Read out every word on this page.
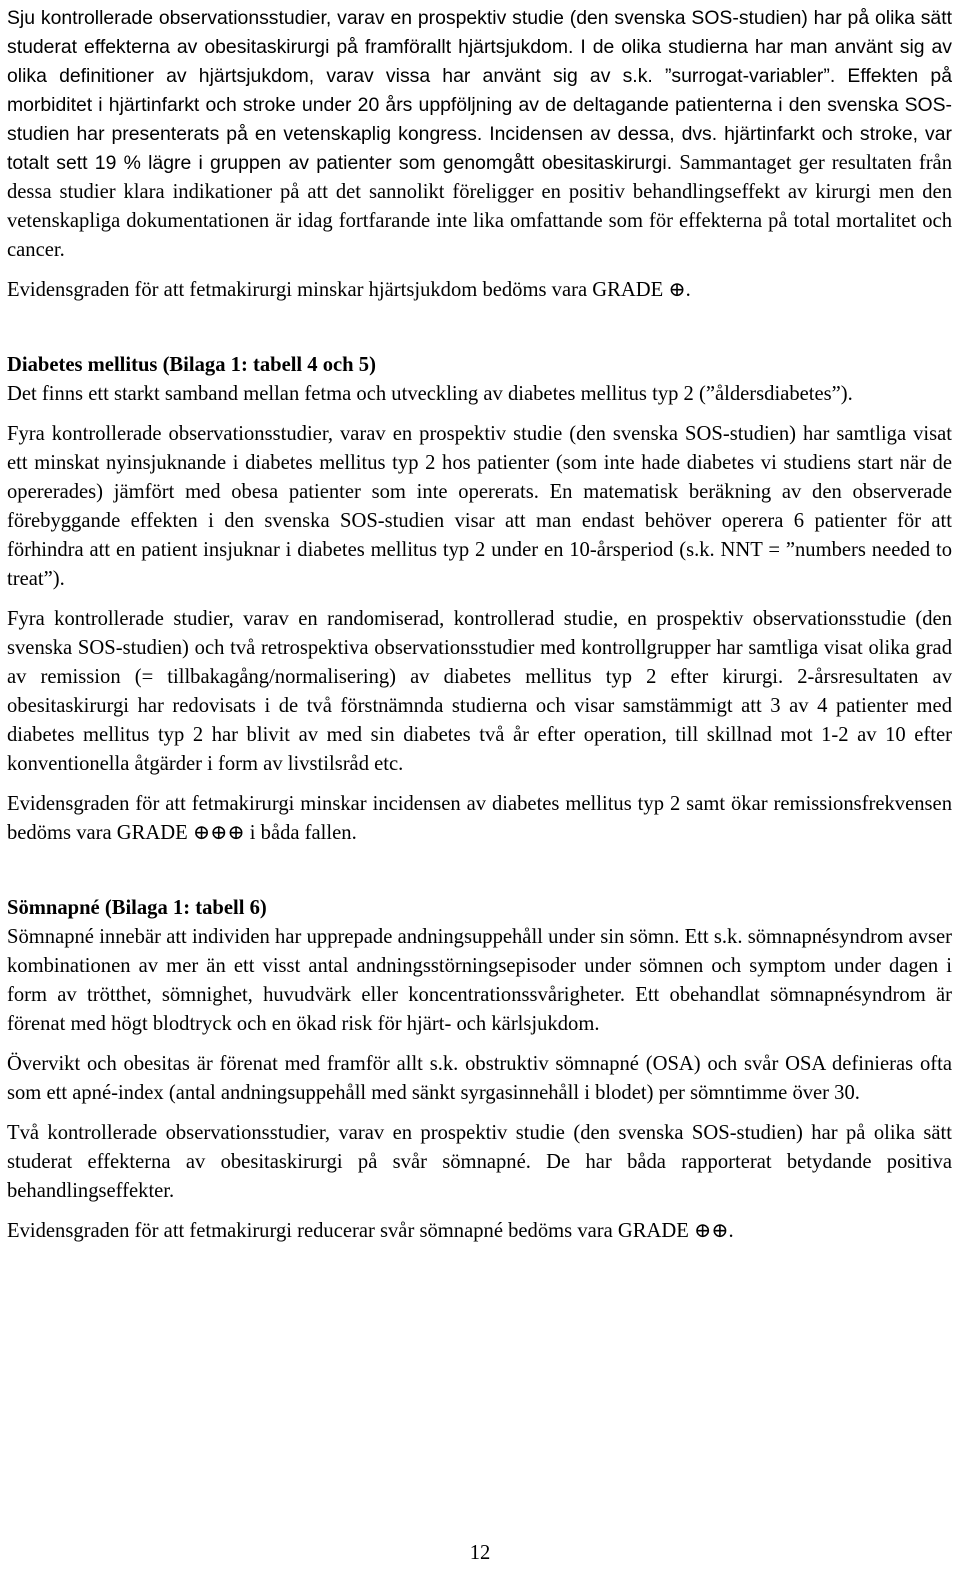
Sju kontrollerade observationsstudier, varav en prospektiv studie (den svenska SOS-studien) har på olika sätt studerat effekterna av obesitaskirurgi på framförallt hjärtsjukdom. I de olika studierna har man använt sig av olika definitioner av hjärtsjukdom, varav vissa har använt sig av s.k. ”surrogat-variabler”. Effekten på morbiditet i hjärtinfarkt och stroke under 20 års uppföljning av de deltagande patienterna i den svenska SOS-studien har presenterats på en vetenskaplig kongress. Incidensen av dessa, dvs. hjärtinfarkt och stroke, var totalt sett 19 % lägre i gruppen av patienter som genomgått obesitaskirurgi. Sammantaget ger resultaten från dessa studier klara indikationer på att det sannolikt föreligger en positiv behandlingseffekt av kirurgi men den vetenskapliga dokumentationen är idag fortfarande inte lika omfattande som för effekterna på total mortalitet och cancer.

Evidensgraden för att fetmakirurgi minskar hjärtsjukdom bedöms vara GRADE ⊕.

Diabetes mellitus (Bilaga 1: tabell 4 och 5)

Det finns ett starkt samband mellan fetma och utveckling av diabetes mellitus typ 2 (”åldersdiabetes”).

Fyra kontrollerade observationsstudier, varav en prospektiv studie (den svenska SOS-studien) har samtliga visat ett minskat nyinsjuknande i diabetes mellitus typ 2 hos patienter (som inte hade diabetes vi studiens start när de opererades) jämfört med obesa patienter som inte opererats. En matematisk beräkning av den observerade förebyggande effekten i den svenska SOS-studien visar att man endast behöver operera 6 patienter för att förhindra att en patient insjuknar i diabetes mellitus typ 2 under en 10-årsperiod (s.k. NNT = ”numbers needed to treat”).

Fyra kontrollerade studier, varav en randomiserad, kontrollerad studie, en prospektiv observationsstudie (den svenska SOS-studien) och två retrospektiva observationsstudier med kontrollgrupper har samtliga visat olika grad av remission (= tillbakagång/normalisering) av diabetes mellitus typ 2 efter kirurgi. 2-årsresultaten av obesitaskirurgi har redovisats i de två förstnämnda studierna och visar samstämmigt att 3 av 4 patienter med diabetes mellitus typ 2 har blivit av med sin diabetes två år efter operation, till skillnad mot 1-2 av 10 efter konventionella åtgärder i form av livstilsråd etc.

Evidensgraden för att fetmakirurgi minskar incidensen av diabetes mellitus typ 2 samt ökar remissionsfrekvensen bedöms vara GRADE ⊕⊕⊕ i båda fallen.

Sömnapné (Bilaga 1: tabell 6)

Sömnapné innebär att individen har upprepade andningsuppehåll under sin sömn. Ett s.k. sömnapnésyndrom avser kombinationen av mer än ett visst antal andningsstörningsepisoder under sömnen och symptom under dagen i form av trötthet, sömnighet, huvudvärk eller koncentrationssvårigheter. Ett obehandlat sömnapnésyndrom är förenat med högt blodtryck och en ökad risk för hjärt- och kärlsjukdom.

Övervikt och obesitas är förenat med framför allt s.k. obstruktiv sömnapné (OSA) och svår OSA definieras ofta som ett apné-index (antal andningsuppehåll med sänkt syrgasinnehåll i blodet) per sömntimme över 30.

Två kontrollerade observationsstudier, varav en prospektiv studie (den svenska SOS-studien) har på olika sätt studerat effekterna av obesitaskirurgi på svår sömnapné. De har båda rapporterat betydande positiva behandlingseffekter.

Evidensgraden för att fetmakirurgi reducerar svår sömnapné bedöms vara GRADE ⊕⊕.

12
